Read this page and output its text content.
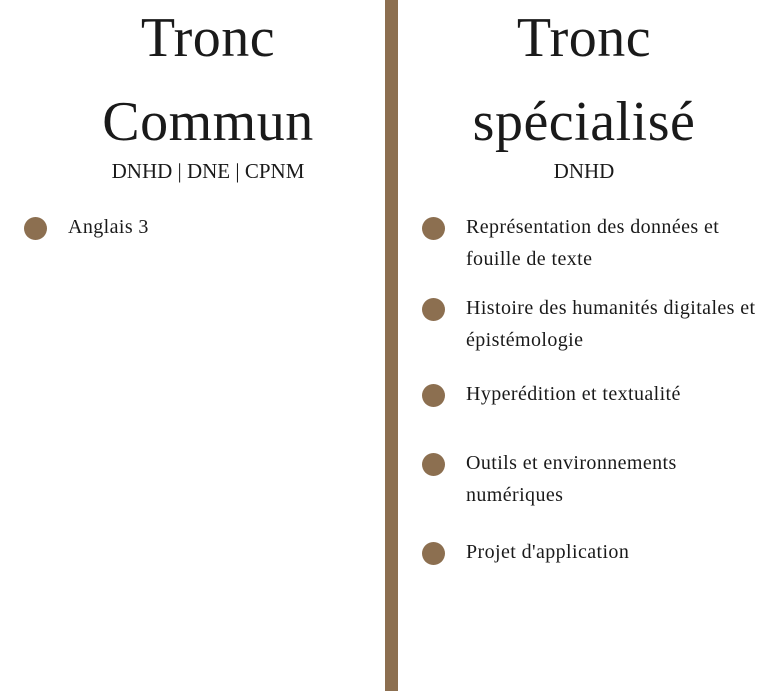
Tronc
Commun

DNHD | DNE | CPNM

Anglais 3
Tronc
spécialisé

DNHD

Représentation des données et fouille de texte
Histoire des humanités digitales et épistémologie
Hyperédition et textualité
Outils et environnements numériques
Projet d'application
